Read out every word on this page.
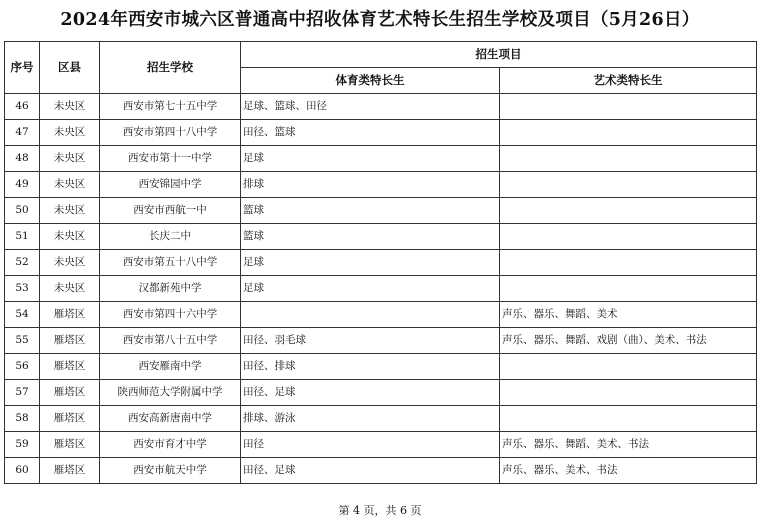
2024年西安市城六区普通高中招收体育艺术特长生招生学校及项目（5月26日）
序号	区县	招生学校	招生项目	
			体育类特长生	艺术类特长生
46	未央区	西安市第七十五中学	足球、篮球、田径	
47	未央区	西安市第四十八中学	田径、篮球	
48	未央区	西安市第十一中学	足球	
49	未央区	西安锦园中学	排球	
50	未央区	西安市西航一中	篮球	
51	未央区	长庆二中	篮球	
52	未央区	西安市第五十八中学	足球	
53	未央区	汉都新苑中学	足球	
54	雁塔区	西安市第四十六中学		声乐、器乐、舞蹈、美术
55	雁塔区	西安市第八十五中学	田径、羽毛球	声乐、器乐、舞蹈、戏剧（曲）、美术、书法
56	雁塔区	西安雁南中学	田径、排球	
57	雁塔区	陕西师范大学附属中学	田径、足球	
58	雁塔区	西安高新唐南中学	排球、游泳	
59	雁塔区	西安市育才中学	田径	声乐、器乐、舞蹈、美术、书法
60	雁塔区	西安市航天中学	田径、足球	声乐、器乐、美术、书法
第 4 页，共 6 页
